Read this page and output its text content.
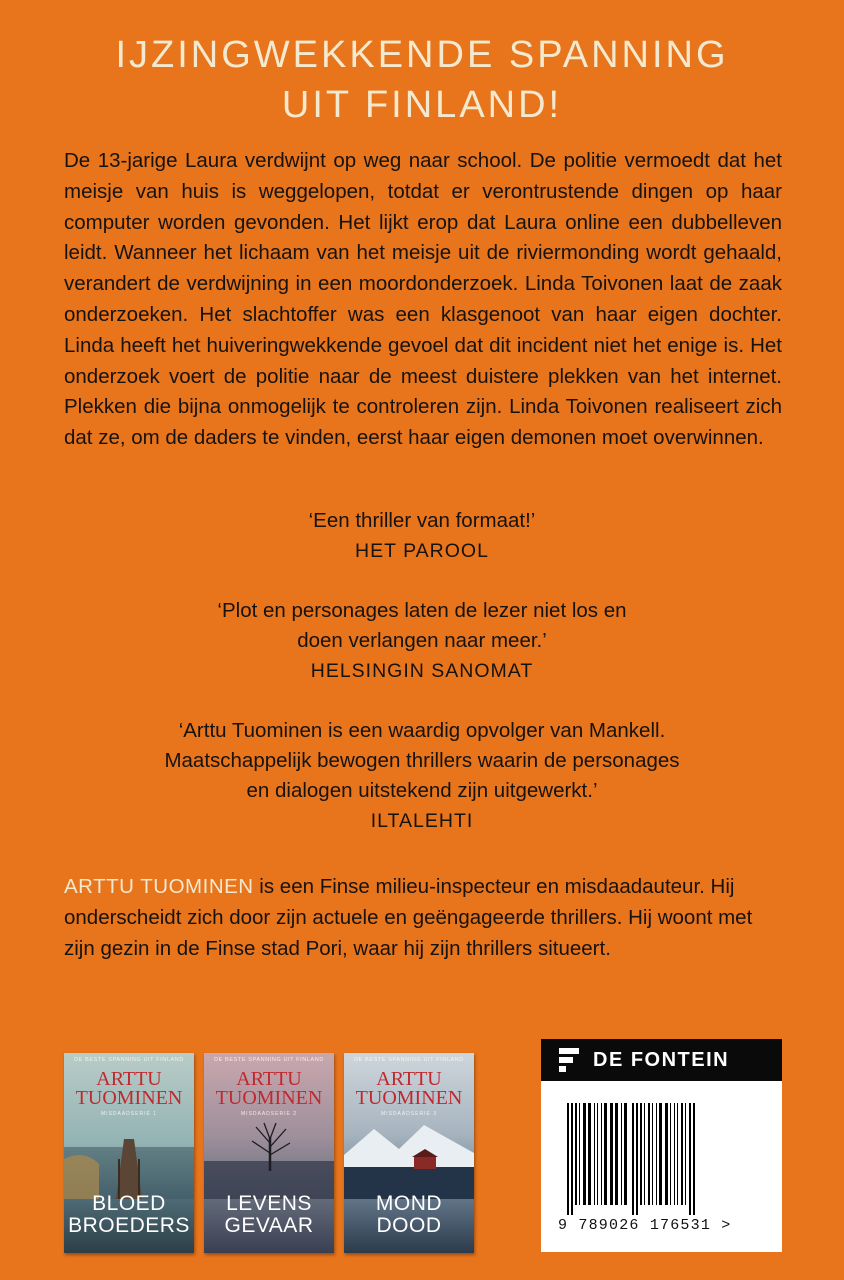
IJZINGWEKKENDE SPANNING
UIT FINLAND!

De 13-jarige Laura verdwijnt op weg naar school. De politie vermoedt dat het meisje van huis is weggelopen, totdat er verontrustende dingen op haar computer worden gevonden. Het lijkt erop dat Laura online een dubbelleven leidt. Wanneer het lichaam van het meisje uit de riviermonding wordt gehaald, verandert de verdwijning in een moordonderzoek. Linda Toivonen laat de zaak onderzoeken. Het slachtoffer was een klasgenoot van haar eigen dochter. Linda heeft het huiveringwekkende gevoel dat dit incident niet het enige is. Het onderzoek voert de politie naar de meest duistere plekken van het internet. Plekken die bijna onmogelijk te controleren zijn. Linda Toivonen realiseert zich dat ze, om de daders te vinden, eerst haar eigen demonen moet overwinnen.

‘Een thriller van formaat!’
HET PAROOL
‘Plot en personages laten de lezer niet los en
doen verlangen naar meer.’
HELSINGIN SANOMAT
‘Arttu Tuominen is een waardig opvolger van Mankell.
Maatschappelijk bewogen thrillers waarin de personages
en dialogen uitstekend zijn uitgewerkt.’
ILTALEHTI

ARTTU TUOMINEN is een Finse milieu-inspecteur en misdaadauteur. Hij onderscheidt zich door zijn actuele en geëngageerde thrillers. Hij woont met zijn gezin in de Finse stad Pori, waar hij zijn thrillers situeert.

DE BESTE SPANNING UIT FINLAND
ARTTU
TUOMINEN
MISDAADSERIE 1
BLOED
BROEDERS
DE BESTE SPANNING UIT FINLAND
ARTTU
TUOMINEN
MISDAADSERIE 2
LEVENS
GEVAAR
DE BESTE SPANNING UIT FINLAND
ARTTU
TUOMINEN
MISDAADSERIE 3
MOND
DOOD
DE FONTEIN
9 789026 176531 >
